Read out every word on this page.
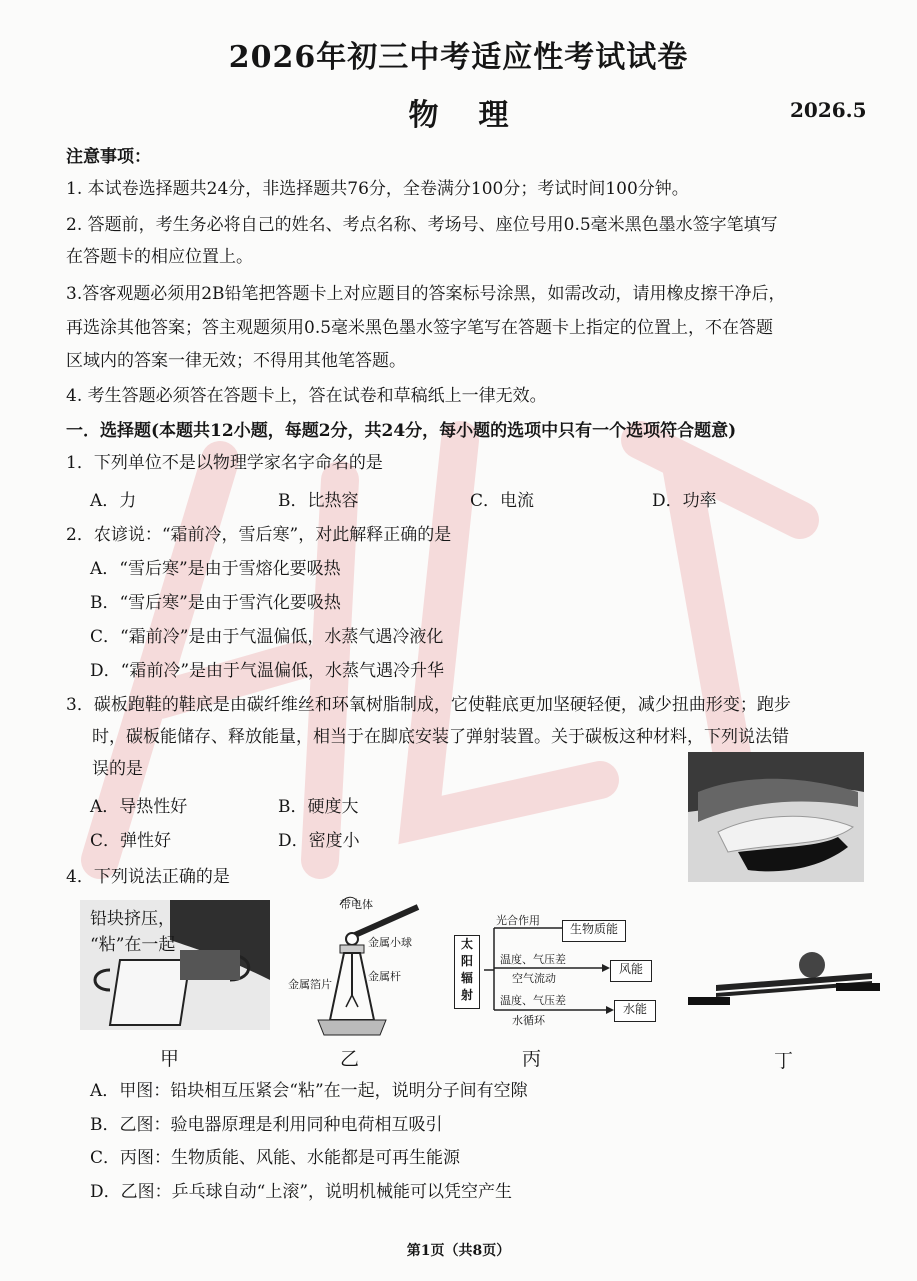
2026年初三中考适应性考试试卷
物理	2026.5
注意事项：
1. 本试卷选择题共24分，非选择题共76分，全卷满分100分；考试时间100分钟。
2. 答题前，考生务必将自己的姓名、考点名称、考场号、座位号用0.5毫米黑色墨水签字笔填写
在答题卡的相应位置上。
3.答客观题必须用2B铅笔把答题卡上对应题目的答案标号涂黑，如需改动，请用橡皮擦干净后，
再选涂其他答案；答主观题须用0.5毫米黑色墨水签字笔写在答题卡上指定的位置上，不在答题
区域内的答案一律无效；不得用其他笔答题。
4. 考生答题必须答在答题卡上，答在试卷和草稿纸上一律无效。
一．选择题(本题共12小题，每题2分，共24分，每小题的选项中只有一个选项符合题意)
1．下列单位不是以物理学家名字命名的是
A．力	B．比热容	C．电流	D．功率
2．农谚说：“霜前冷，雪后寒”，对此解释正确的是
A．“雪后寒”是由于雪熔化要吸热
B．“雪后寒”是由于雪汽化要吸热
C．“霜前冷”是由于气温偏低，水蒸气遇冷液化
D．“霜前冷”是由于气温偏低，水蒸气遇冷升华
3．碳板跑鞋的鞋底是由碳纤维丝和环氧树脂制成，它使鞋底更加坚硬轻便，减少扭曲形变；跑步
时，碳板能储存、释放能量，相当于在脚底安装了弹射装置。关于碳板这种材料，下列说法错
误的是
A．导热性好	B．硬度大
C．弹性好	D．密度小
4．下列说法正确的是
铅块挤压，
“粘”在一起
甲
带电体
金属小球
金属杆
金属箔片
乙
太
阳
辐
射
光合作用
生物质能
温度、气压差
空气流动
风能
温度、气压差
水循环
水能
丙	丁
A．甲图：铅块相互压紧会“粘”在一起，说明分子间有空隙
B．乙图：验电器原理是利用同种电荷相互吸引
C．丙图：生物质能、风能、水能都是可再生能源
D．乙图：乒乓球自动“上滚”，说明机械能可以凭空产生
第1页（共8页）
